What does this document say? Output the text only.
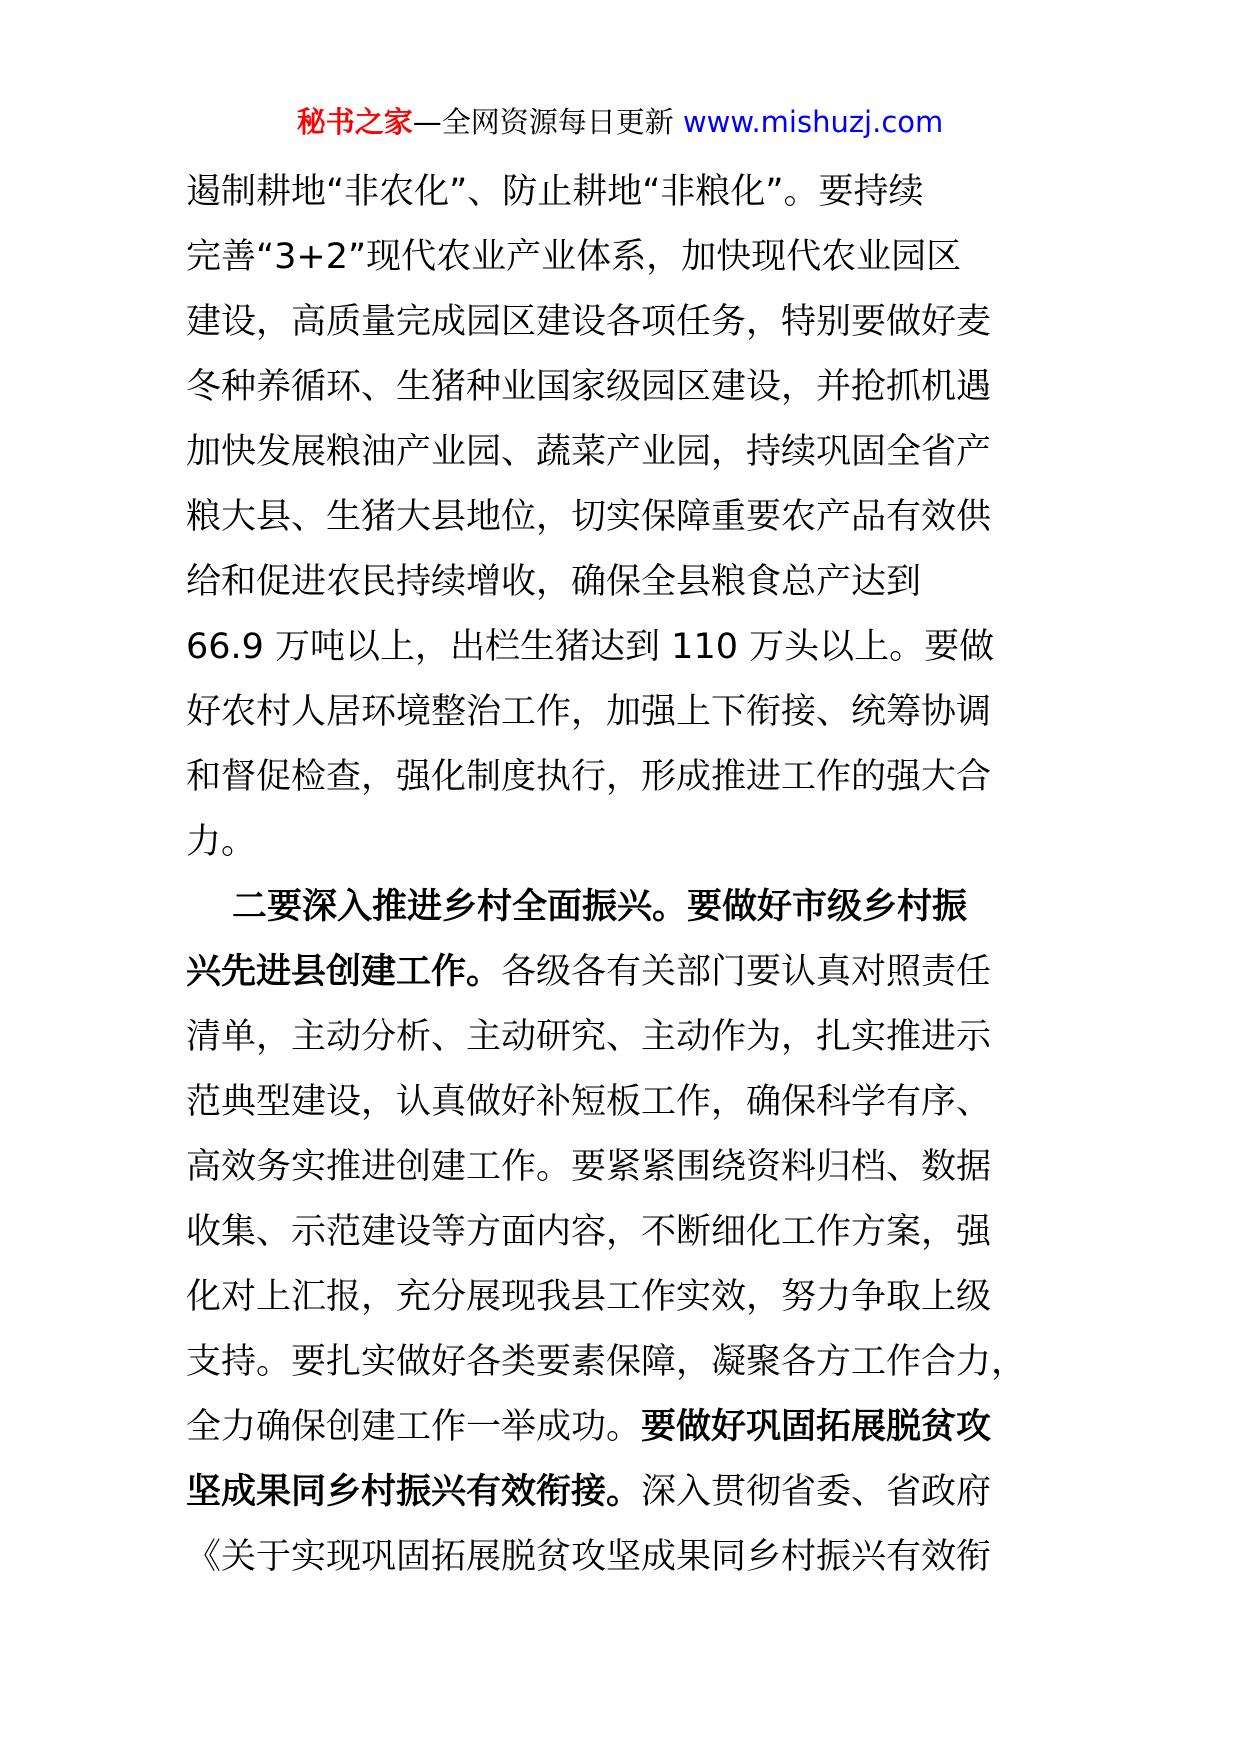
秘书之家—全网资源每日更新 www.mishuzj.com
遏制耕地“非农化”、防止耕地“非粮化”。要持续
完善“3+2”现代农业产业体系，加快现代农业园区
建设，高质量完成园区建设各项任务，特别要做好麦
冬种养循环、生猪种业国家级园区建设，并抢抓机遇
加快发展粮油产业园、蔬菜产业园，持续巩固全省产
粮大县、生猪大县地位，切实保障重要农产品有效供
给和促进农民持续增收，确保全县粮食总产达到
66.9 万吨以上，出栏生猪达到 110 万头以上。要做
好农村人居环境整治工作，加强上下衔接、统筹协调
和督促检查，强化制度执行，形成推进工作的强大合
力。
二要深入推进乡村全面振兴。要做好市级乡村振
兴先进县创建工作。各级各有关部门要认真对照责任
清单，主动分析、主动研究、主动作为，扎实推进示
范典型建设，认真做好补短板工作，确保科学有序、
高效务实推进创建工作。要紧紧围绕资料归档、数据
收集、示范建设等方面内容，不断细化工作方案，强
化对上汇报，充分展现我县工作实效，努力争取上级
支持。要扎实做好各类要素保障，凝聚各方工作合力，
全力确保创建工作一举成功。要做好巩固拓展脱贫攻
坚成果同乡村振兴有效衔接。深入贯彻省委、省政府
《关于实现巩固拓展脱贫攻坚成果同乡村振兴有效衔
